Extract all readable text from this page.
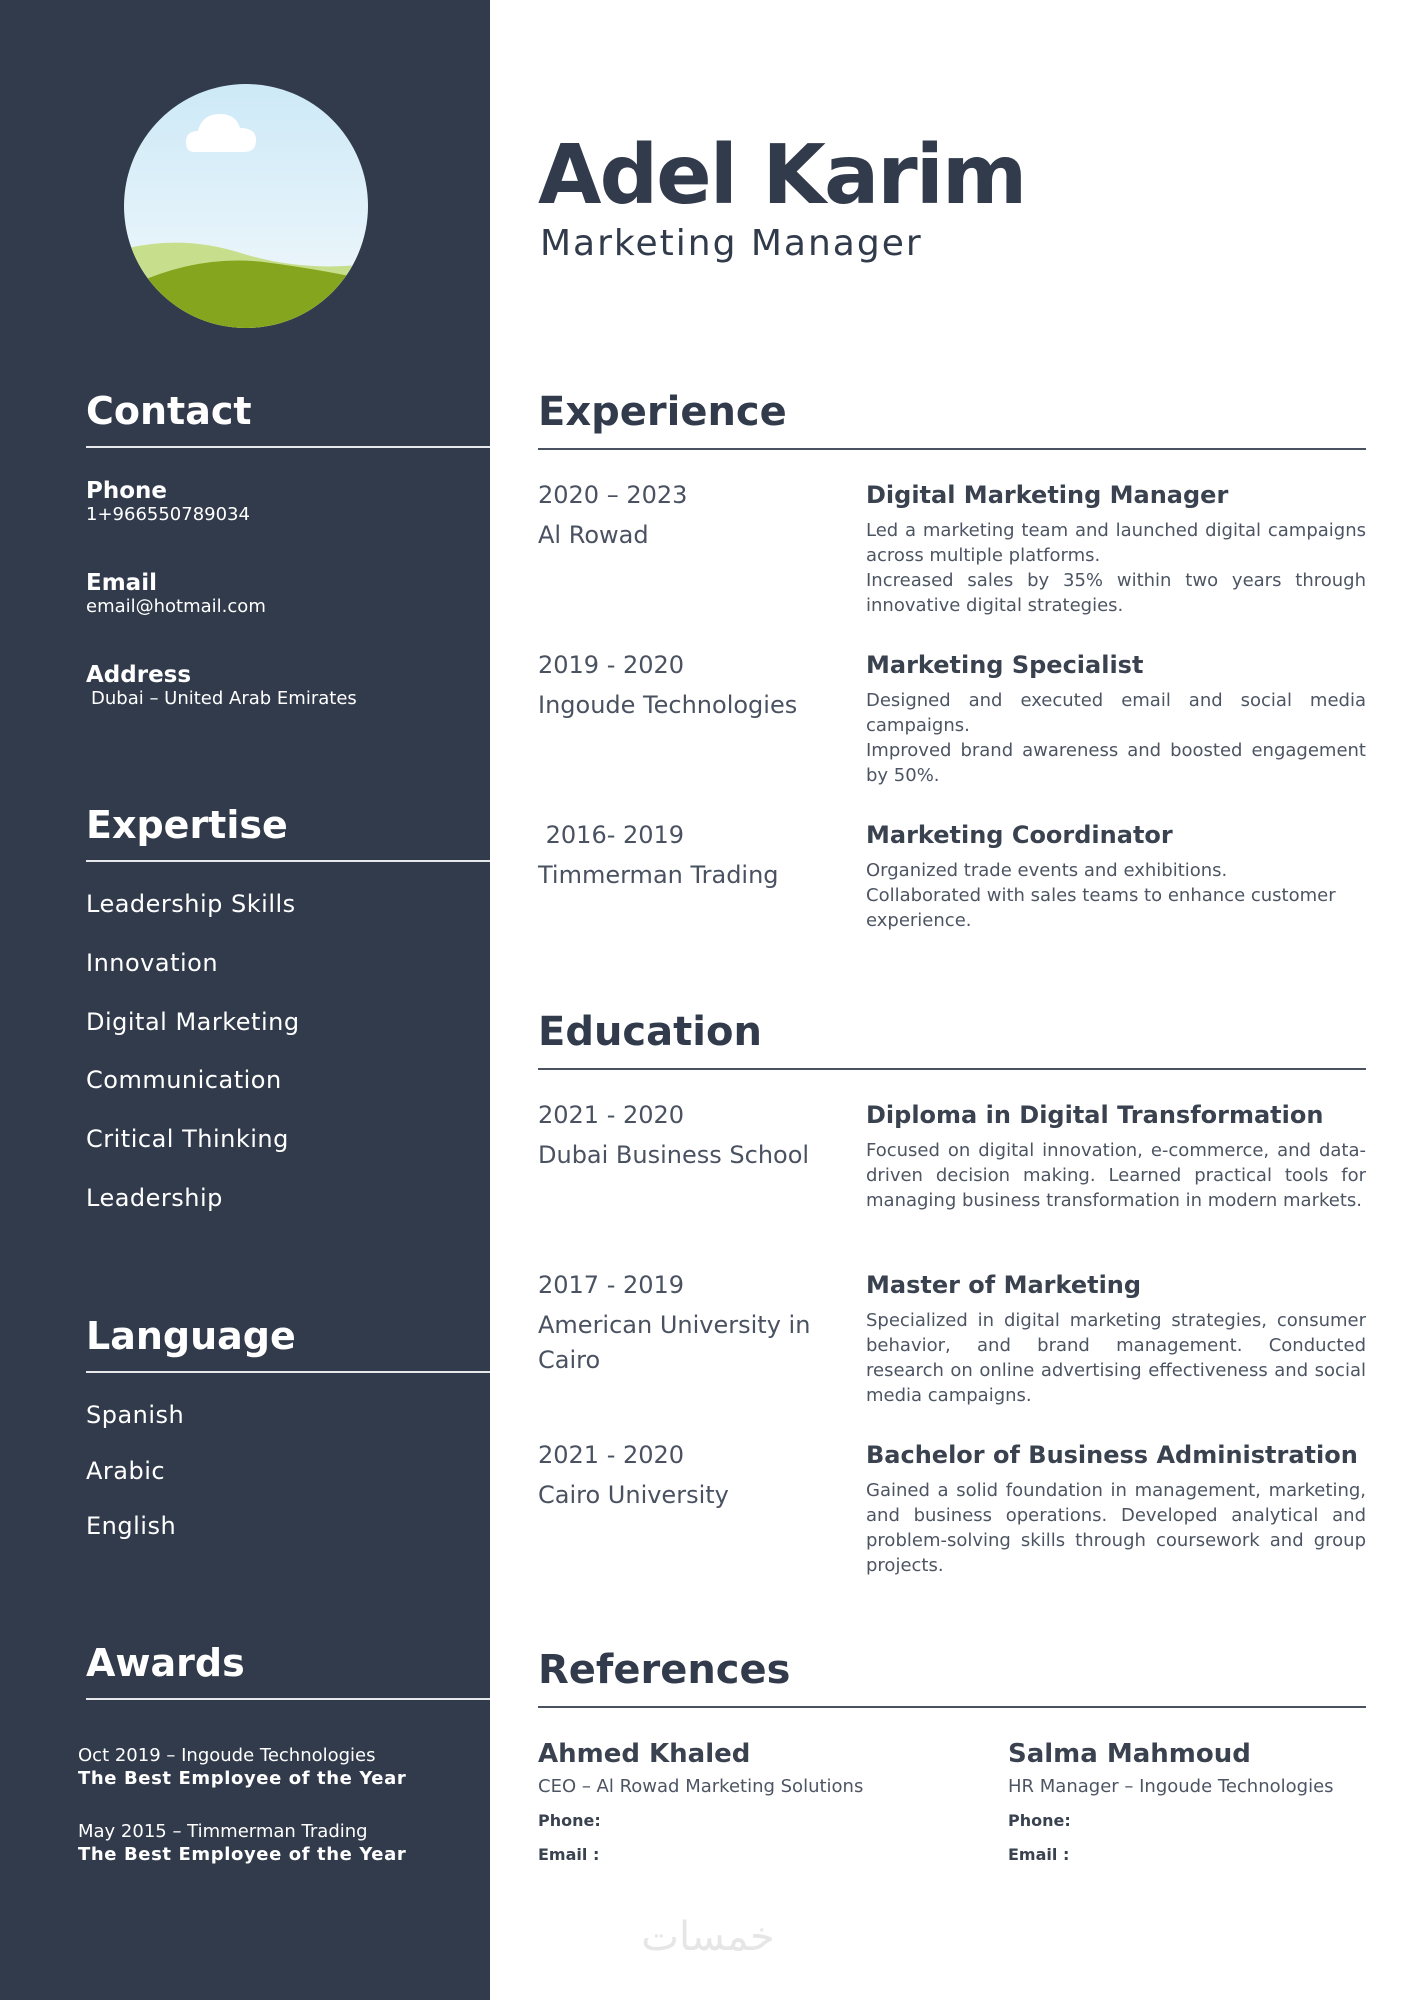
Contact
Phone
1+966550789034
Email
email@hotmail.com
Address
Dubai – United Arab Emirates
Expertise
Leadership Skills
Innovation
Digital Marketing
Communication
Critical Thinking
Leadership
Language
Spanish
Arabic
English
Awards
Oct 2019 – Ingoude Technologies
The Best Employee of the Year
May 2015 – Timmerman Trading
The Best Employee of the Year
Adel Karim
Marketing Manager
Experience
2020 – 2023
Al Rowad
Digital Marketing Manager
Led a marketing team and launched digital campaigns across multiple platforms.
Increased sales by 35% within two years through innovative digital strategies.
2019 - 2020
Ingoude Technologies
Marketing Specialist
Designed and executed email and social media campaigns.
Improved brand awareness and boosted engagement by 50%.
2016- 2019
Timmerman Trading
Marketing Coordinator
Organized trade events and exhibitions.
Collaborated with sales teams to enhance customer experience.
Education
2021 - 2020
Dubai Business School
Diploma in Digital Transformation
Focused on digital innovation, e-commerce, and data-driven decision making. Learned practical tools for managing business transformation in modern markets.
2017 - 2019
American University in Cairo
Master of Marketing
Specialized in digital marketing strategies, consumer behavior, and brand management. Conducted research on online advertising effectiveness and social media campaigns.
2021 - 2020
Cairo University
Bachelor of Business Administration
Gained a solid foundation in management, marketing, and business operations. Developed analytical and problem-solving skills through coursework and group projects.
References
Ahmed Khaled
CEO – Al Rowad Marketing Solutions
Phone:
Email :
Salma Mahmoud
HR Manager – Ingoude Technologies
Phone:
Email :
خمسات
